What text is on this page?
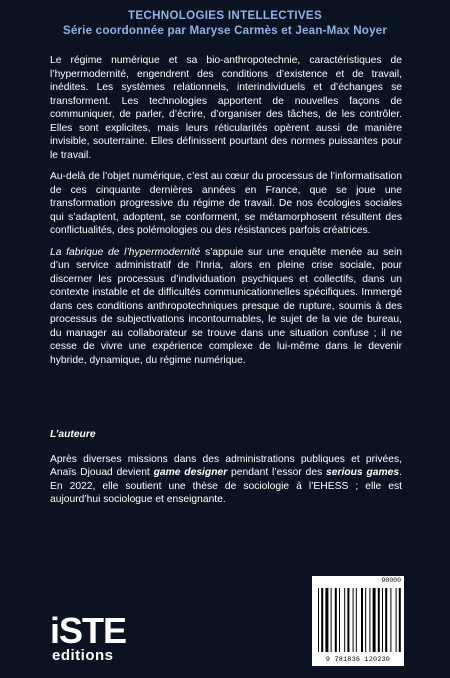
TECHNOLOGIES INTELLECTIVES
Série coordonnée par Maryse Carmès et Jean-Max Noyer

Le régime numérique et sa bio-anthropotechnie, caractéristiques de l’hypermodernité, engendrent des conditions d’existence et de travail, inédites. Les systèmes relationnels, interindividuels et d’échanges se transforment. Les technologies apportent de nouvelles façons de communiquer, de parler, d’écrire, d’organiser des tâches, de les contrôler. Elles sont explicites, mais leurs réticularités opèrent aussi de manière invisible, souterraine. Elles définissent pourtant des normes puissantes pour le travail.

Au-delà de l’objet numérique, c’est au cœur du processus de l’informatisation de ces cinquante dernières années en France, que se joue une transformation progressive du régime de travail. De nos écologies sociales qui s’adaptent, adoptent, se conforment, se métamorphosent résultent des conflictualités, des polémologies ou des résistances parfois créatrices.

La fabrique de l’hypermodernité s’appuie sur une enquête menée au sein d’un service administratif de l’Inria, alors en pleine crise sociale, pour discerner les processus d’individuation psychiques et collectifs, dans un contexte instable et de difficultés communicationnelles spécifiques. Immergé dans ces conditions anthropotechniques presque de rupture, soumis à des processus de subjectivations incontournables, le sujet de la vie de bureau, du manager au collaborateur se trouve dans une situation confuse ; il ne cesse de vivre une expérience complexe de lui-même dans le devenir hybride, dynamique, du régime numérique.

L’auteure

Après diverses missions dans des administrations publiques et privées, Anaïs Djouad devient game designer pendant l’essor des serious games. En 2022, elle soutient une thèse de sociologie à l’EHESS ; elle est aujourd’hui sociologue et enseignante.

iSTE
editions
90000
9 781836 120230
